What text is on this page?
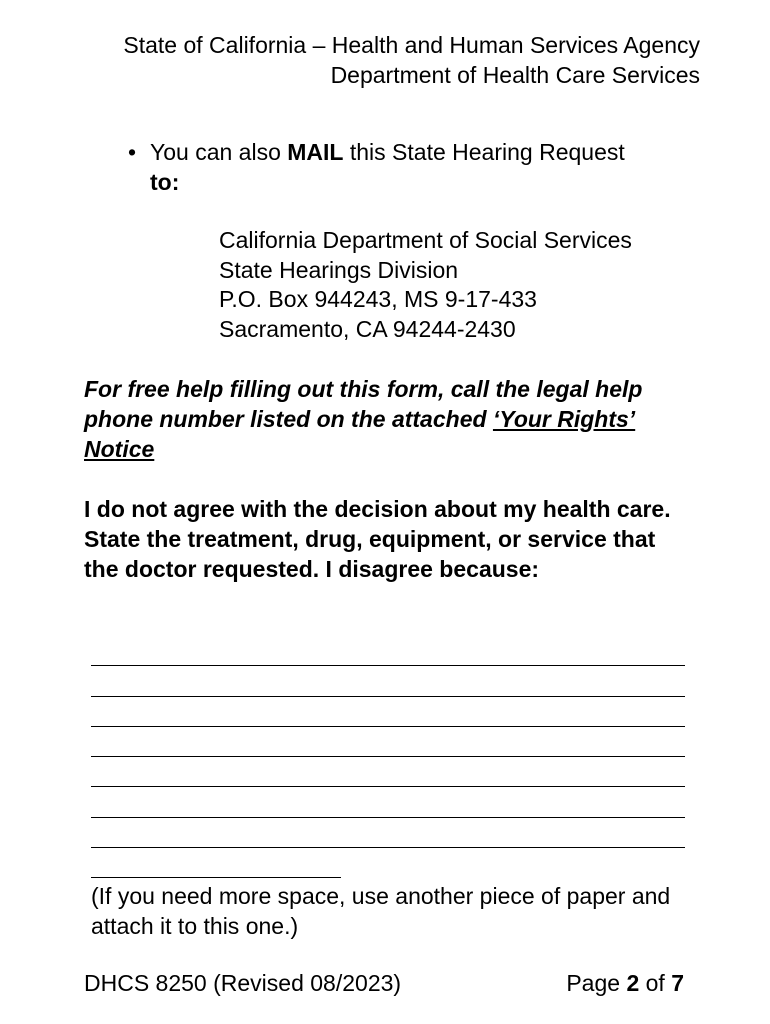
State of California – Health and Human Services Agency
Department of Health Care Services
• You can also MAIL this State Hearing Request
to:
California Department of Social Services
State Hearings Division
P.O. Box 944243, MS 9-17-433
Sacramento, CA 94244-2430
For free help filling out this form, call the legal help phone number listed on the attached ‘Your Rights’ Notice
I do not agree with the decision about my health care. State the treatment, drug, equipment, or service that the doctor requested. I disagree because:
(If you need more space, use another piece of paper and attach it to this one.)
DHCS 8250 (Revised 08/2023)	Page 2 of 7
